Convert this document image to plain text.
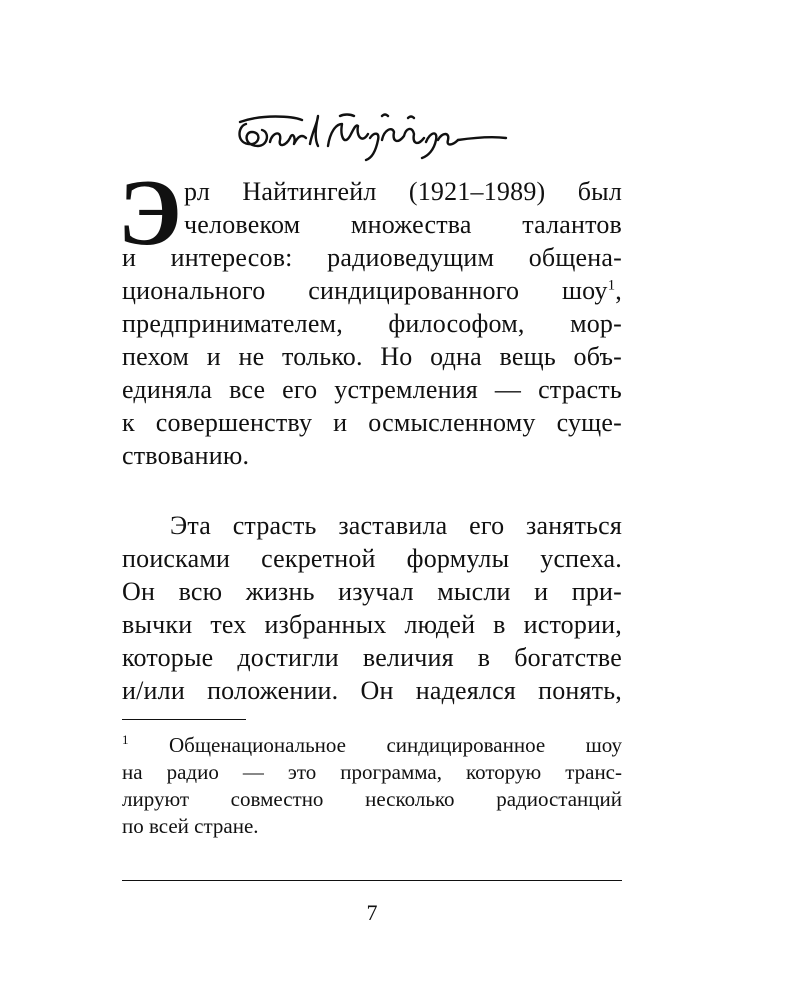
Э рл Найтингейл (1921–1989) был
человеком множества талантов
и интересов: радиоведущим общена-
ционального синдицированного шоу$^1$,
предпринимателем, философом, мор-
пехом и не только. Но одна вещь объ-
единяла все его устремления — страсть
к совершенству и осмысленному суще-
ствованию.
Эта страсть заставила его заняться
поисками секретной формулы успеха.
Он всю жизнь изучал мысли и при-
вычки тех избранных людей в истории,
которые достигли величия в богатстве
и/или положении. Он надеялся понять,
$^1$ Общенациональное синдицированное шоу
на радио — это программа, которую транс-
лируют совместно несколько радиостанций
по всей стране.
7
